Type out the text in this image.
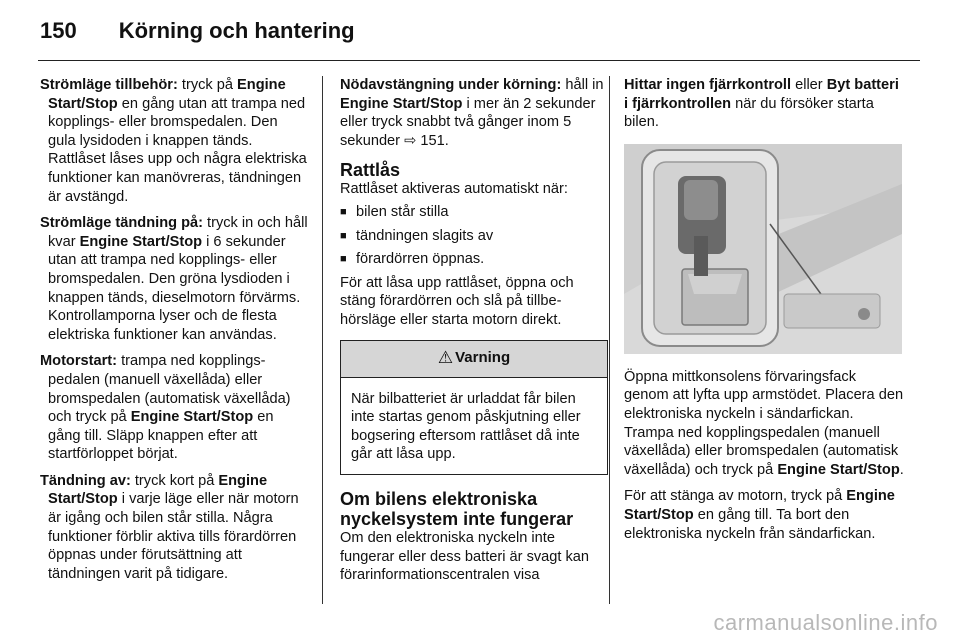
150 Körning och hantering

Strömläge tillbehör: tryck på Engine Start/Stop en gång utan att trampa ned kopplings- eller bromspedalen. Den gula lysidoden i knappen tänds. Rattlåset låses upp och några elektriska funktioner kan manövreras, tändningen är avstängd.

Strömläge tändning på: tryck in och håll kvar Engine Start/Stop i 6 sekunder utan att trampa ned kopplings- eller bromspedalen. Den gröna lysdioden i knappen tänds, dieselmotorn förvärms. Kontrollamporna lyser och de flesta elektriska funktioner kan användas.

Motorstart: trampa ned kopplingspedalen (manuell växellåda) eller bromspedalen (automatisk växellåda) och tryck på Engine Start/Stop en gång till. Släpp knappen efter att startförloppet börjat.

Tändning av: tryck kort på Engine Start/Stop i varje läge eller när motorn är igång och bilen står stilla. Några funktioner förblir aktiva tills förardörren öppnas under förutsättning att tändningen varit på tidigare.

Nödavstängning under körning: håll in Engine Start/Stop i mer än 2 sekunder eller tryck snabbt två gånger inom 5 sekunder ⇨ 151.

Rattlås

Rattlåset aktiveras automatiskt när:

■ bilen står stilla
■ tändningen slagits av
■ förardörren öppnas.

För att låsa upp rattlåset, öppna och stäng förardörren och slå på tillbehörsläge eller starta motorn direkt.

⚠ Varning
När bilbatteriet är urladdat får bilen inte startas genom påskjutning eller bogsering eftersom rattlåset då inte går att låsa upp.
Om bilens elektroniska nyckelsystem inte fungerar

Om den elektroniska nyckeln inte fungerar eller dess batteri är svagt kan förarinformationscentralen visa

Hittar ingen fjärrkontroll eller Byt batteri i fjärrkontrollen när du försöker starta bilen.

Öppna mittkonsolens förvaringsfack genom att lyfta upp armstödet. Placera den elektroniska nyckeln i sändarfickan. Trampa ned kopplingspedalen (manuell växellåda) eller bromspedalen (automatisk växellåda) och tryck på Engine Start/Stop.

För att stänga av motorn, tryck på Engine Start/Stop en gång till. Ta bort den elektroniska nyckeln från sändarfickan.

carmanualsonline.info
